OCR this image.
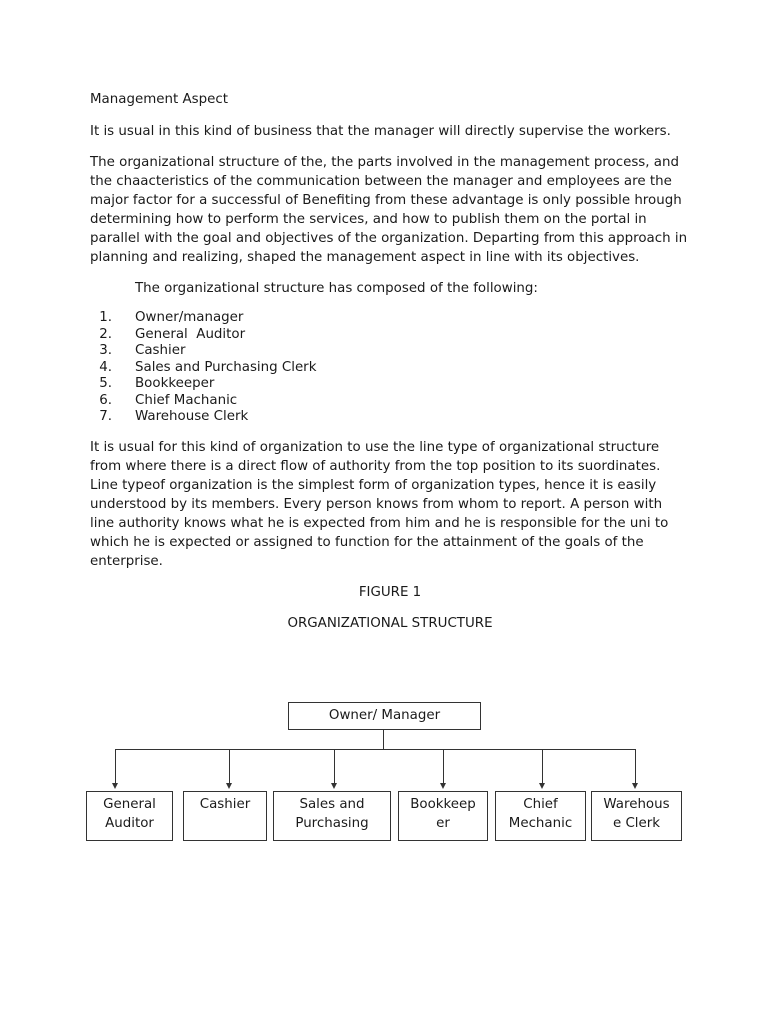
Management Aspect

It is usual in this kind of business that the manager will directly supervise the workers.

The organizational structure of the, the parts involved in the management process, and the chaacteristics of the communication between the manager and employees are the major factor for a successful of Benefiting from these advantage is only possible hrough determining how to perform the services, and how to publish them on the portal in parallel with the goal and objectives of the organization. Departing from this approach in planning and realizing, shaped the management aspect in line with its objectives.

The organizational structure has composed of the following:

1. Owner/manager
2. General  Auditor
3. Cashier
4. Sales and Purchasing Clerk
5. Bookkeeper
6. Chief Machanic
7. Warehouse Clerk

It is usual for this kind of organization to use the line type of organizational structure from where there is a direct flow of authority from the top position to its suordinates. Line typeof organization is the simplest form of organization types, hence it is easily understood by its members. Every person knows from whom to report. A person with line authority knows what he is expected from him and he is responsible for the uni to which he is expected or assigned to function for the attainment of the goals of the enterprise.

FIGURE 1

ORGANIZATIONAL STRUCTURE

Owner/ Manager
General
Auditor
Cashier	Sales and
Purchasing
Bookkeep
er
Chief
Mechanic
Warehous
e Clerk
